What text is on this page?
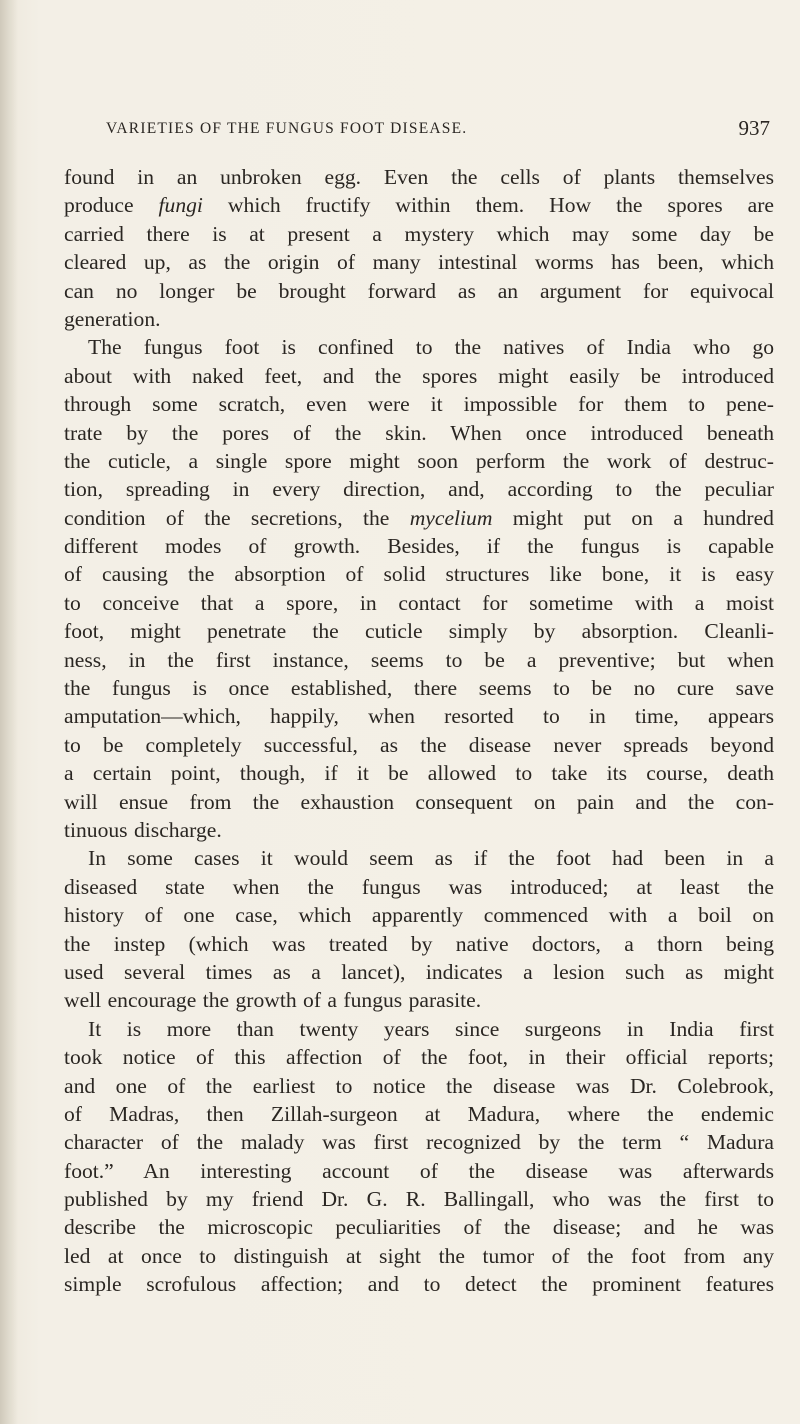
VARIETIES OF THE FUNGUS FOOT DISEASE.	937
found in an unbroken egg. Even the cells of plants themselves
produce fungi which fructify within them. How the spores are
carried there is at present a mystery which may some day be
cleared up, as the origin of many intestinal worms has been, which
can no longer be brought forward as an argument for equivocal
generation.
The fungus foot is confined to the natives of India who go
about with naked feet, and the spores might easily be introduced
through some scratch, even were it impossible for them to pene-
trate by the pores of the skin. When once introduced beneath
the cuticle, a single spore might soon perform the work of destruc-
tion, spreading in every direction, and, according to the peculiar
condition of the secretions, the mycelium might put on a hundred
different modes of growth. Besides, if the fungus is capable
of causing the absorption of solid structures like bone, it is easy
to conceive that a spore, in contact for sometime with a moist
foot, might penetrate the cuticle simply by absorption. Cleanli-
ness, in the first instance, seems to be a preventive; but when
the fungus is once established, there seems to be no cure save
amputation—which, happily, when resorted to in time, appears
to be completely successful, as the disease never spreads beyond
a certain point, though, if it be allowed to take its course, death
will ensue from the exhaustion consequent on pain and the con-
tinuous discharge.
In some cases it would seem as if the foot had been in a
diseased state when the fungus was introduced; at least the
history of one case, which apparently commenced with a boil on
the instep (which was treated by native doctors, a thorn being
used several times as a lancet), indicates a lesion such as might
well encourage the growth of a fungus parasite.
It is more than twenty years since surgeons in India first
took notice of this affection of the foot, in their official reports;
and one of the earliest to notice the disease was Dr. Colebrook,
of Madras, then Zillah-surgeon at Madura, where the endemic
character of the malady was first recognized by the term “ Madura
foot.” An interesting account of the disease was afterwards
published by my friend Dr. G. R. Ballingall, who was the first to
describe the microscopic peculiarities of the disease; and he was
led at once to distinguish at sight the tumor of the foot from any
simple scrofulous affection; and to detect the prominent features
